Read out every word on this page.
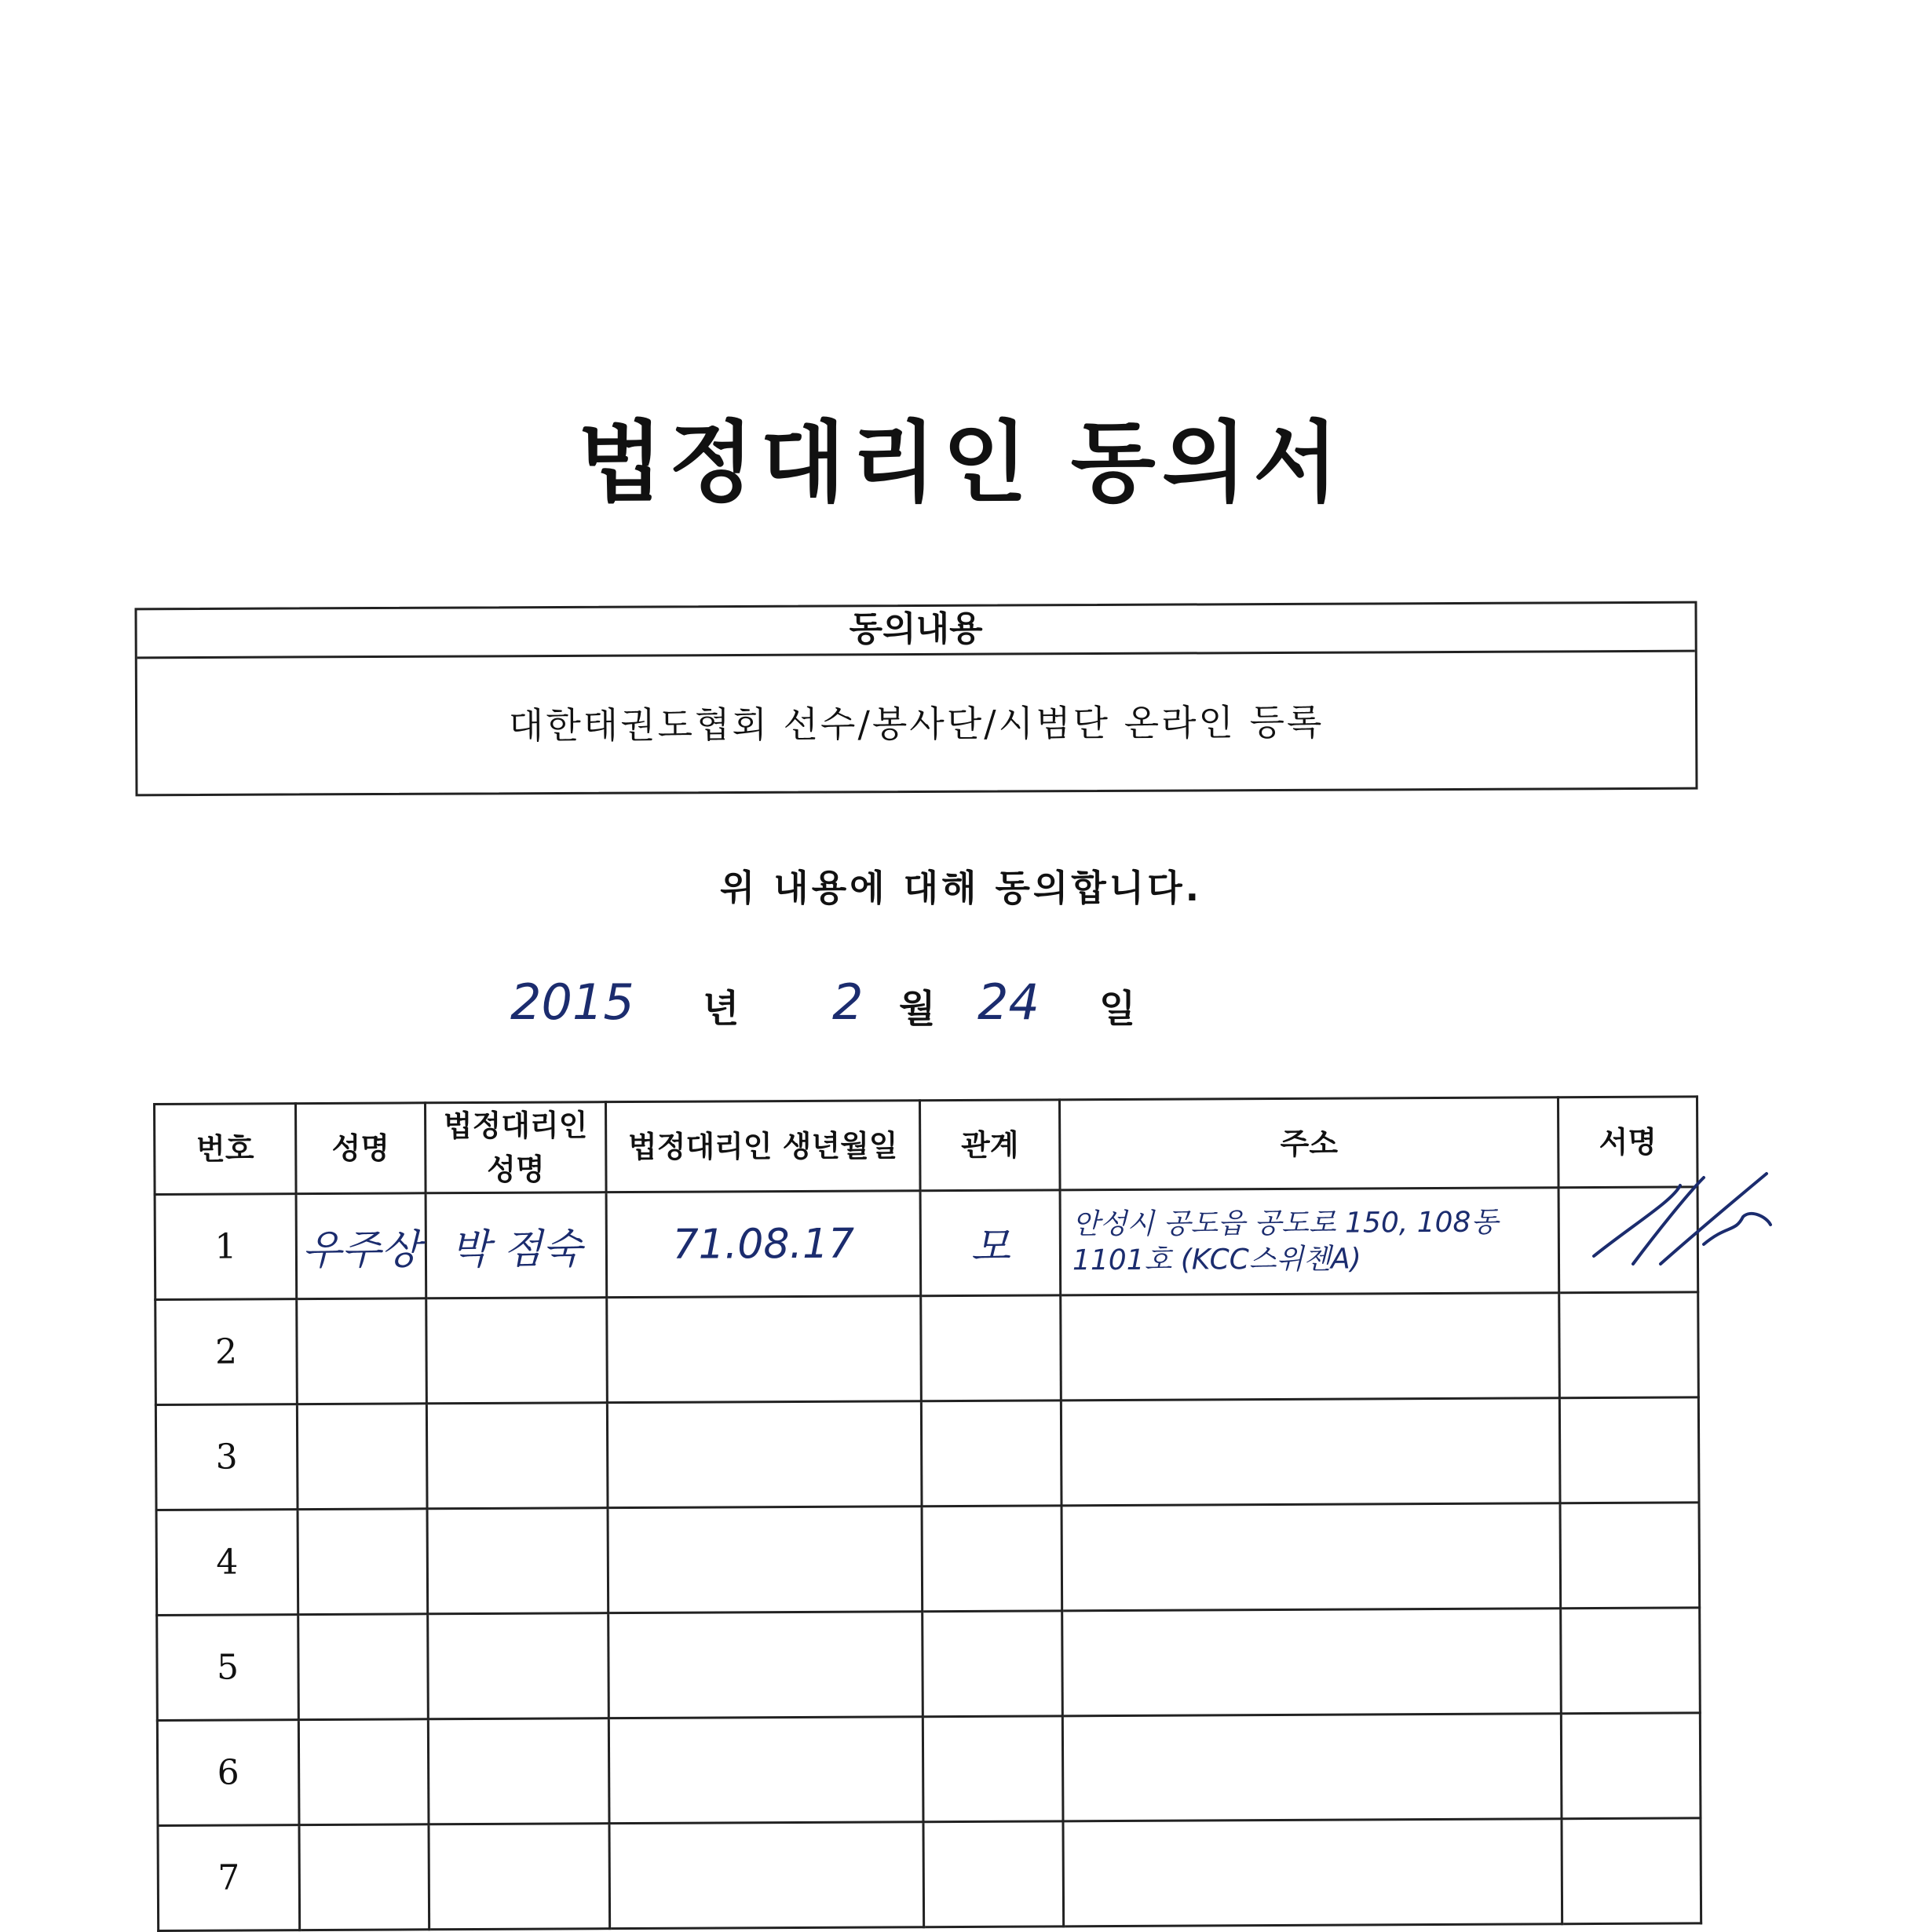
법정대리인 동의서
동의내용
대한태권도협회 선수/봉사단/시범단 온라인 등록
위 내용에 대해 동의합니다.
2015 년 2 월 24 일
번호	성명	법정대리인 성명	법정대리인 생년월일	관계	주소	서명
1	우주상	박 점숙	71.08.17	모	안성시 공도읍 공도로 150, 108동 1101호 (KCC스위첸A)	
2						
3						
4						
5						
6						
7						
